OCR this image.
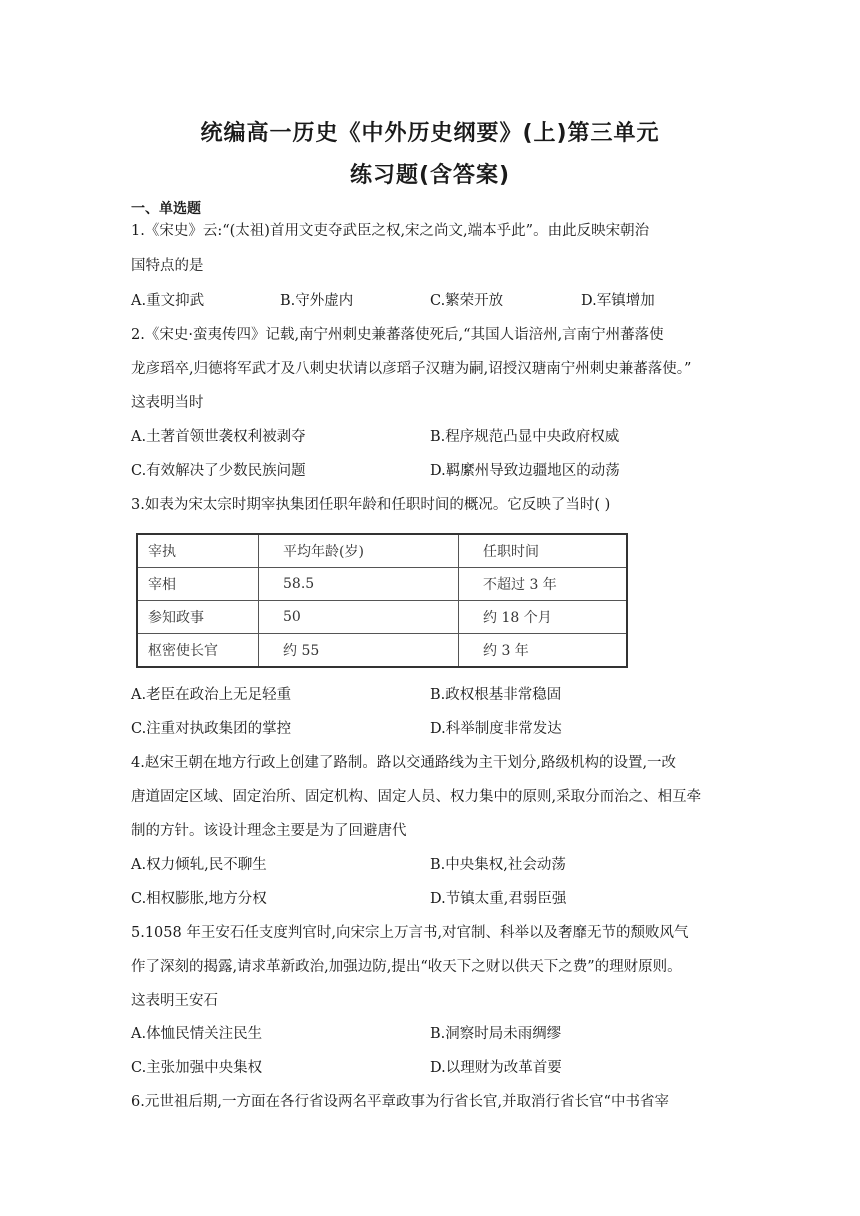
统编高一历史《中外历史纲要》(上)第三单元
练习题(含答案)
一、单选题
1.《宋史》云:“(太祖)首用文吏夺武臣之权,宋之尚文,端本乎此”。由此反映宋朝治
国特点的是
A.重文抑武	B.守外虚内	C.繁荣开放	D.军镇增加
2.《宋史·蛮夷传四》记载,南宁州刺史兼蕃落使死后,“其国人诣涪州,言南宁州蕃落使
龙彦瑫卒,归德将军武才及八刺史状请以彦瑫子汉瑭为嗣,诏授汉瑭南宁州刺史兼蕃落使。”
这表明当时
A.土著首领世袭权利被剥夺	B.程序规范凸显中央政府权威
C.有效解决了少数民族问题	D.羁縻州导致边疆地区的动荡
3.如表为宋太宗时期宰执集团任职年龄和任职时间的概况。它反映了当时( )
宰执	平均年龄(岁)	任职时间
宰相	58.5	不超过 3 年
参知政事	50	约 18 个月
枢密使长官	约 55	约 3 年
A.老臣在政治上无足轻重	B.政权根基非常稳固
C.注重对执政集团的掌控	D.科举制度非常发达
4.赵宋王朝在地方行政上创建了路制。路以交通路线为主干划分,路级机构的设置,一改
唐道固定区域、固定治所、固定机构、固定人员、权力集中的原则,采取分而治之、相互牵
制的方针。该设计理念主要是为了回避唐代
A.权力倾轧,民不聊生	B.中央集权,社会动荡
C.相权膨胀,地方分权	D.节镇太重,君弱臣强
5.1058 年王安石任支度判官时,向宋宗上万言书,对官制、科举以及奢靡无节的颓败风气
作了深刻的揭露,请求革新政治,加强边防,提出“收天下之财以供天下之费”的理财原则。
这表明王安石
A.体恤民情关注民生	B.洞察时局未雨绸缪
C.主张加强中央集权	D.以理财为改革首要
6.元世祖后期,一方面在各行省设两名平章政事为行省长官,并取消行省长官“中书省宰
